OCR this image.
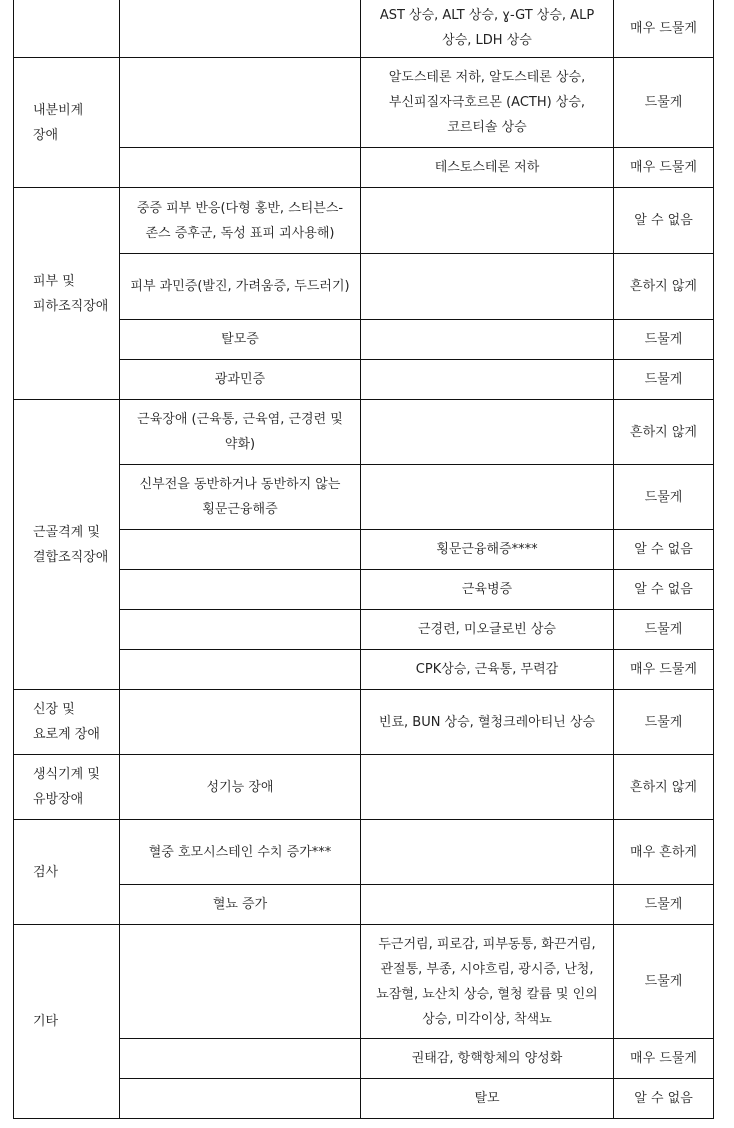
		AST 상승, ALT 상승, ɣ-GT 상승, ALP 상승, LDH 상승	매우 드물게
내분비계 장애		알도스테론 저하, 알도스테론 상승, 부신피질자극호르몬 (ACTH) 상승, 코르티솔 상승	드물게
		테스토스테론 저하	매우 드물게
피부 및 피하조직장애	중증 피부 반응(다형 홍반, 스티븐스-존스 증후군, 독성 표피 괴사용해)		알 수 없음
	피부 과민증(발진, 가려움증, 두드러기)		흔하지 않게
	탈모증		드물게
	광과민증		드물게
근골격계 및 결합조직장애	근육장애 (근육통, 근육염, 근경련 및 약화)		흔하지 않게
	신부전을 동반하거나 동반하지 않는 횡문근융해증		드물게
		횡문근융해증****	알 수 없음
		근육병증	알 수 없음
		근경련, 미오글로빈 상승	드물게
		CPK상승, 근육통, 무력감	매우 드물게
신장 및 요로계 장애		빈료, BUN 상승, 혈청크레아티닌 상승	드물게
생식기계 및 유방장애	성기능 장애		흔하지 않게
검사	혈중 호모시스테인 수치 증가***		매우 흔하게
	혈뇨 증가		드물게
기타		두근거림, 피로감, 피부동통, 화끈거림, 관절통, 부종, 시야흐림, 광시증, 난청, 뇨잠혈, 뇨산치 상승, 혈청 칼륨 및 인의 상승, 미각이상, 착색뇨	드물게
		권태감, 항핵항체의 양성화	매우 드물게
		탈모	알 수 없음
